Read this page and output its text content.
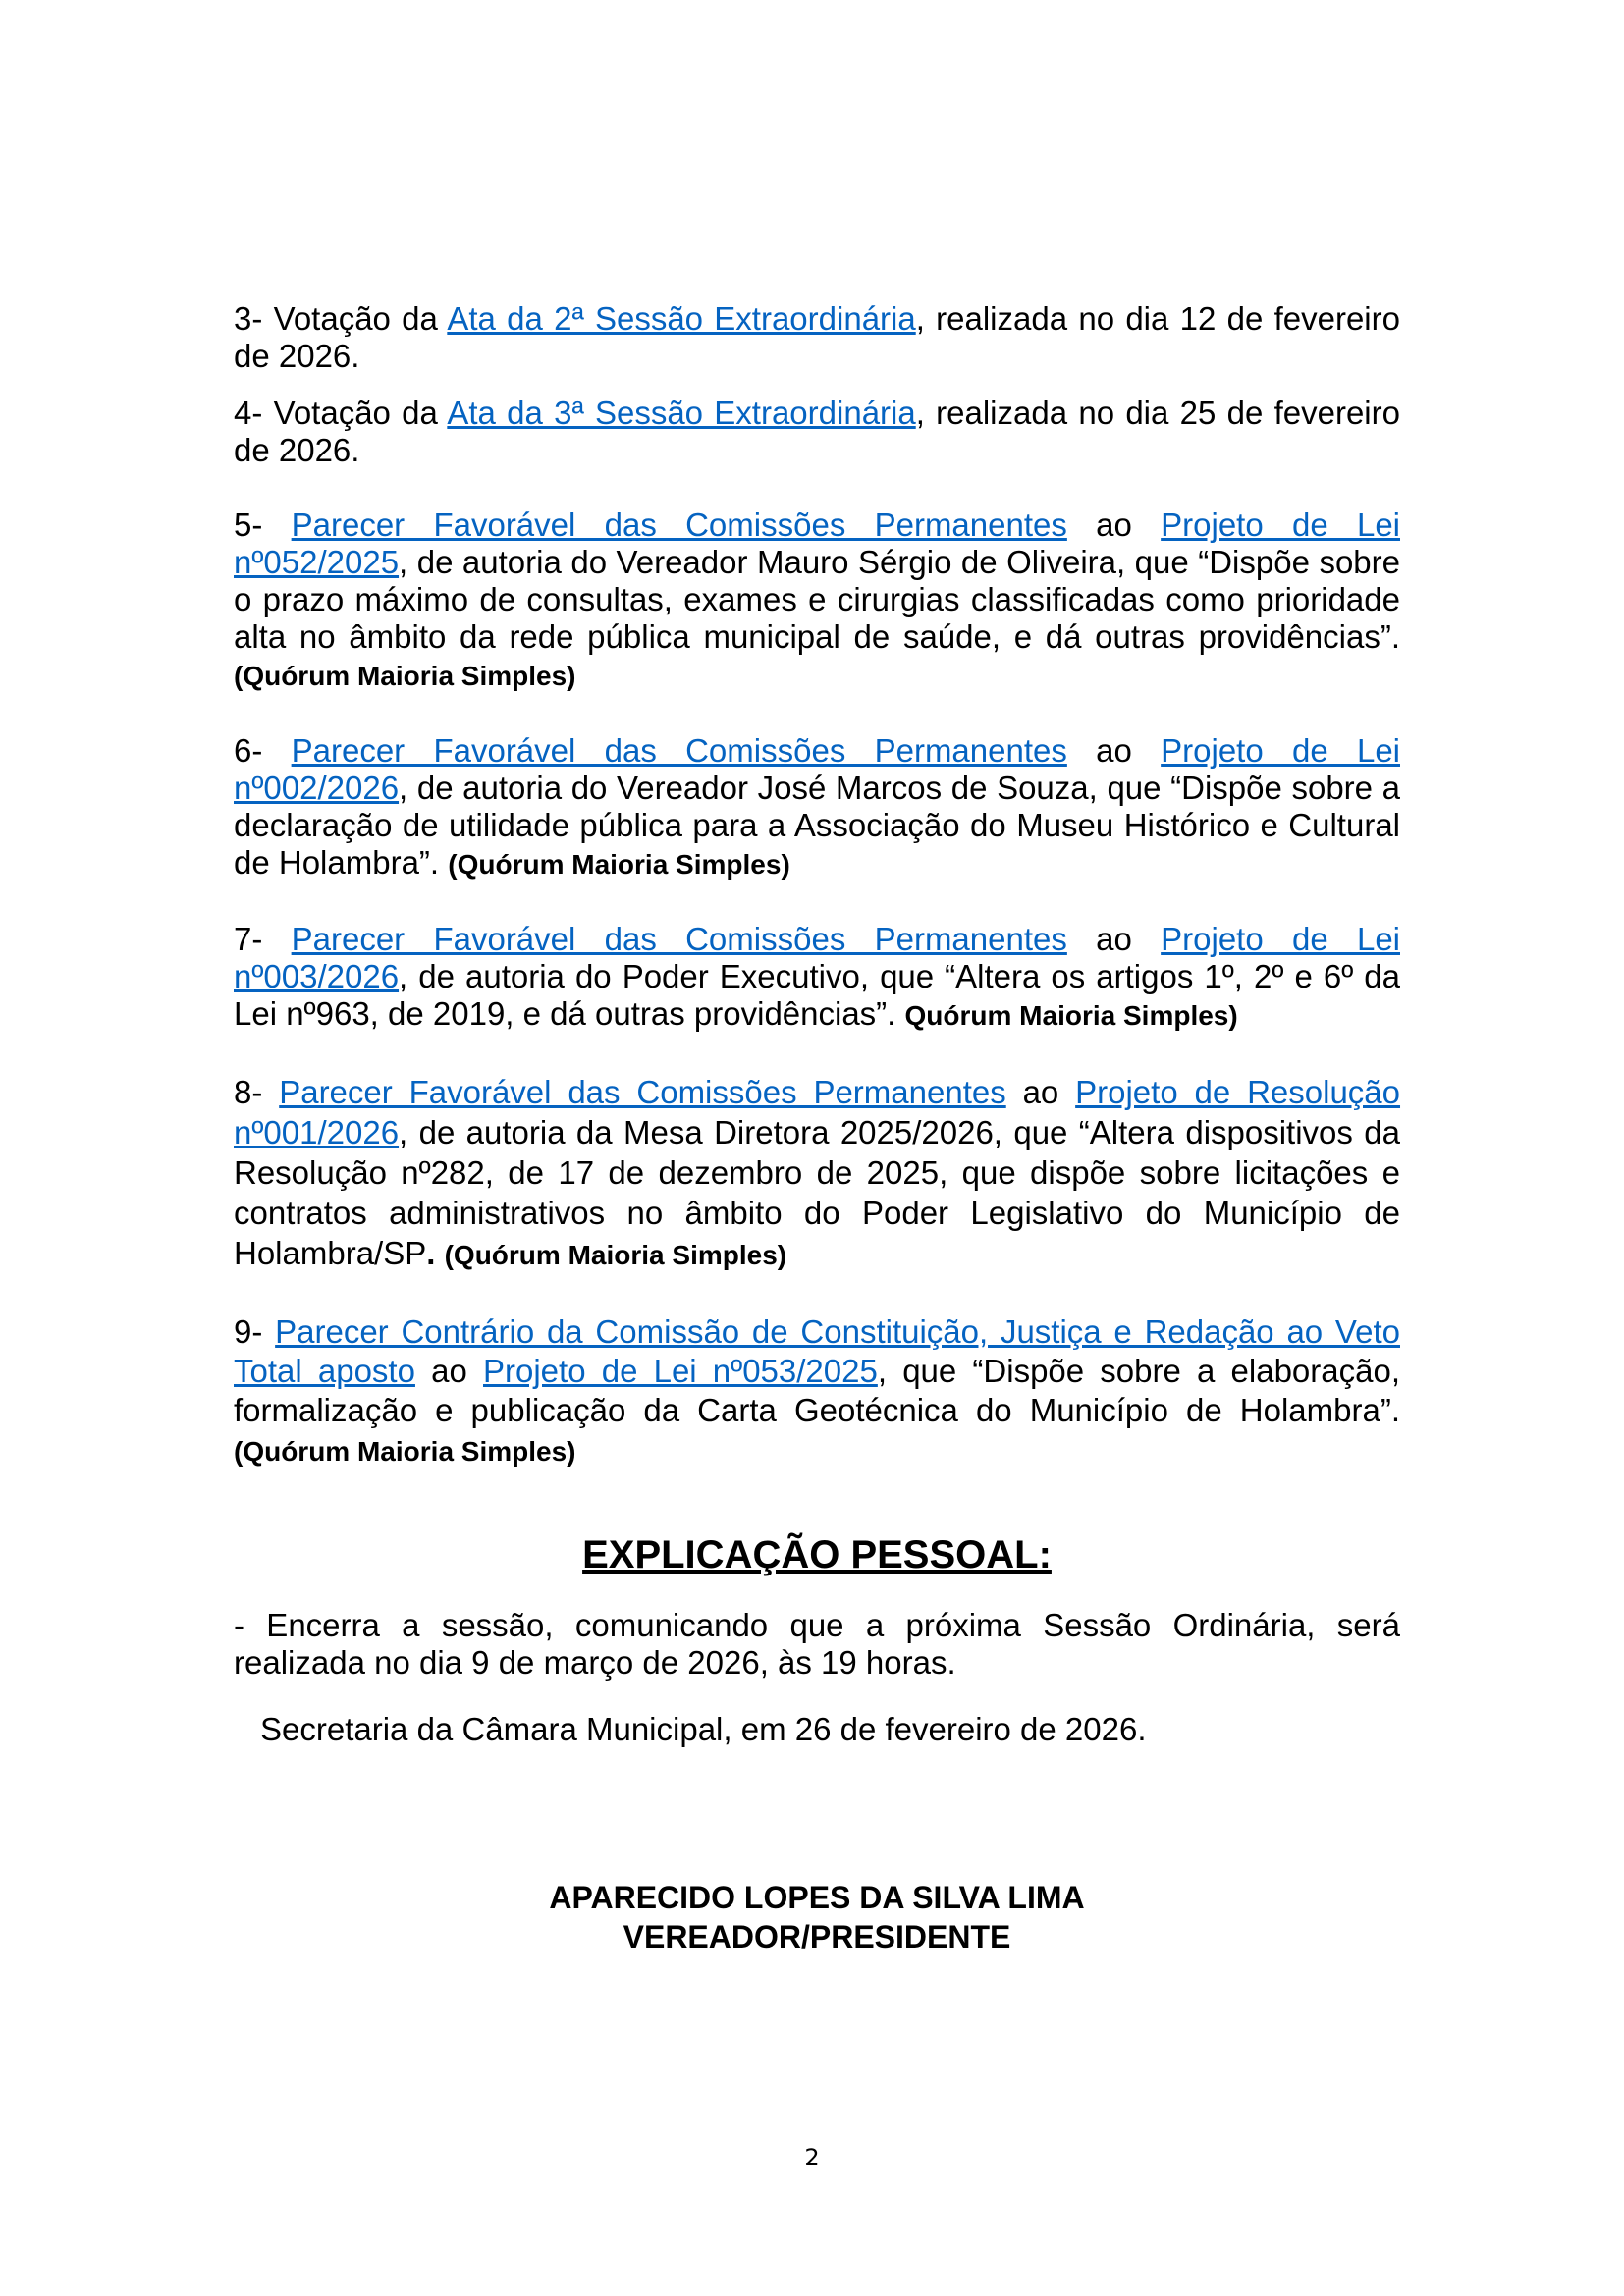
3- Votação da Ata da 2ª Sessão Extraordinária, realizada no dia 12 de fevereiro de 2026.

4- Votação da Ata da 3ª Sessão Extraordinária, realizada no dia 25 de fevereiro de 2026.

5- Parecer Favorável das Comissões Permanentes ao Projeto de Lei nº052/2025, de autoria do Vereador Mauro Sérgio de Oliveira, que “Dispõe sobre o prazo máximo de consultas, exames e cirurgias classificadas como prioridade alta no âmbito da rede pública municipal de saúde, e dá outras providências”. (Quórum Maioria Simples)

6- Parecer Favorável das Comissões Permanentes ao Projeto de Lei nº002/2026, de autoria do Vereador José Marcos de Souza, que “Dispõe sobre a declaração de utilidade pública para a Associação do Museu Histórico e Cultural de Holambra”. (Quórum Maioria Simples)

7- Parecer Favorável das Comissões Permanentes ao Projeto de Lei nº003/2026, de autoria do Poder Executivo, que “Altera os artigos 1º, 2º e 6º da Lei nº963, de 2019, e dá outras providências”. Quórum Maioria Simples)

8- Parecer Favorável das Comissões Permanentes ao Projeto de Resolução nº001/2026, de autoria da Mesa Diretora 2025/2026, que “Altera dispositivos da Resolução nº282, de 17 de dezembro de 2025, que dispõe sobre licitações e contratos administrativos no âmbito do Poder Legislativo do Município de Holambra/SP. (Quórum Maioria Simples)

9- Parecer Contrário da Comissão de Constituição, Justiça e Redação ao Veto Total aposto ao Projeto de Lei nº053/2025, que “Dispõe sobre a elaboração, formalização e publicação da Carta Geotécnica do Município de Holambra”. (Quórum Maioria Simples)

EXPLICAÇÃO PESSOAL:

- Encerra a sessão, comunicando que a próxima Sessão Ordinária, será realizada no dia 9 de março de 2026, às 19 horas.

Secretaria da Câmara Municipal, em 26 de fevereiro de 2026.

APARECIDO LOPES DA SILVA LIMA

VEREADOR/PRESIDENTE

2
